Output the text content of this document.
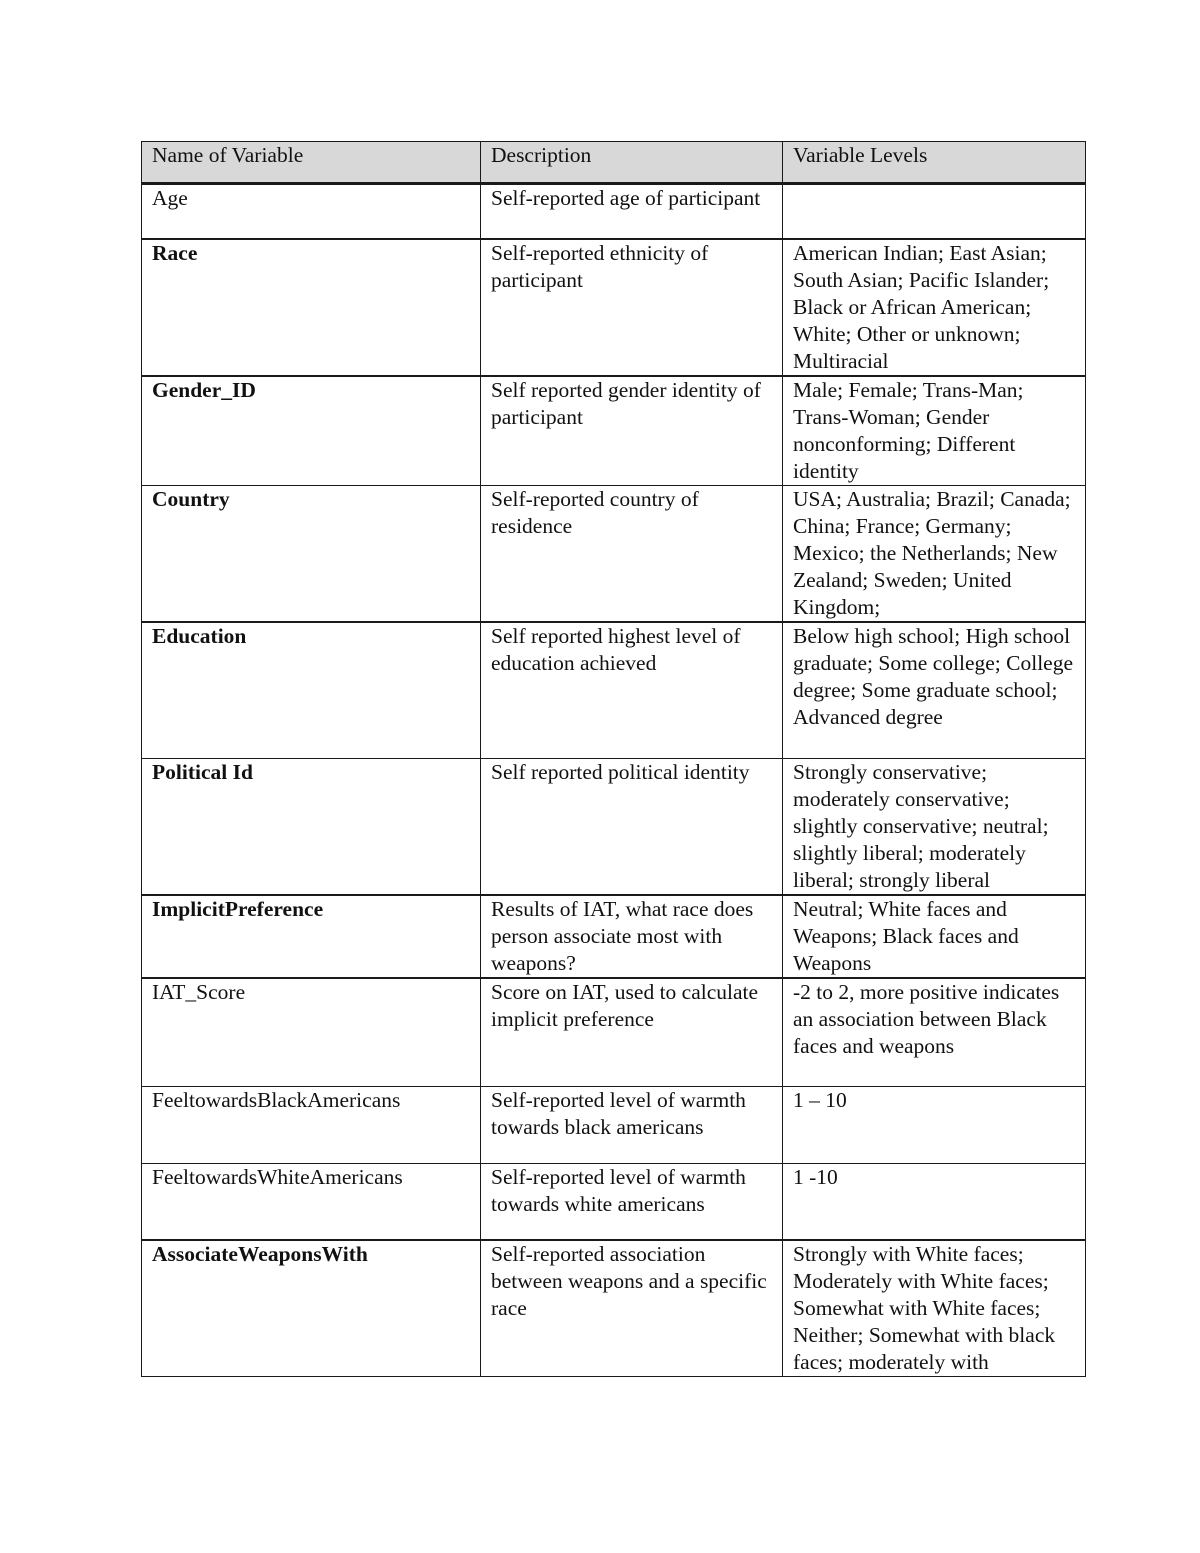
Name of Variable	Description	Variable Levels

Age	Self-reported age of participant	

Race	Self-reported ethnicity of participant	American Indian; East Asian; South Asian; Pacific Islander; Black or African American; White; Other or unknown; Multiracial

Gender_ID	Self reported gender identity of participant	Male; Female; Trans-Man; Trans-Woman; Gender nonconforming; Different identity

Country	Self-reported country of residence	USA; Australia; Brazil; Canada; China; France; Germany; Mexico; the Netherlands; New Zealand; Sweden; United Kingdom;

Education	Self reported highest level of education achieved	Below high school; High school graduate; Some college; College degree; Some graduate school; Advanced degree

Political Id	Self reported political identity	Strongly conservative; moderately conservative; slightly conservative; neutral; slightly liberal; moderately liberal; strongly liberal

ImplicitPreference	Results of IAT, what race does person associate most with weapons?	Neutral; White faces and Weapons; Black faces and Weapons

IAT_Score	Score on IAT, used to calculate implicit preference	-2 to 2, more positive indicates an association between Black faces and weapons

FeeltowardsBlackAmericans	Self-reported level of warmth towards black americans	1 – 10

FeeltowardsWhiteAmericans	Self-reported level of warmth towards white americans	1 -10

AssociateWeaponsWith	Self-reported association between weapons and a specific race	Strongly with White faces; Moderately with White faces; Somewhat with White faces; Neither; Somewhat with black faces; moderately with
